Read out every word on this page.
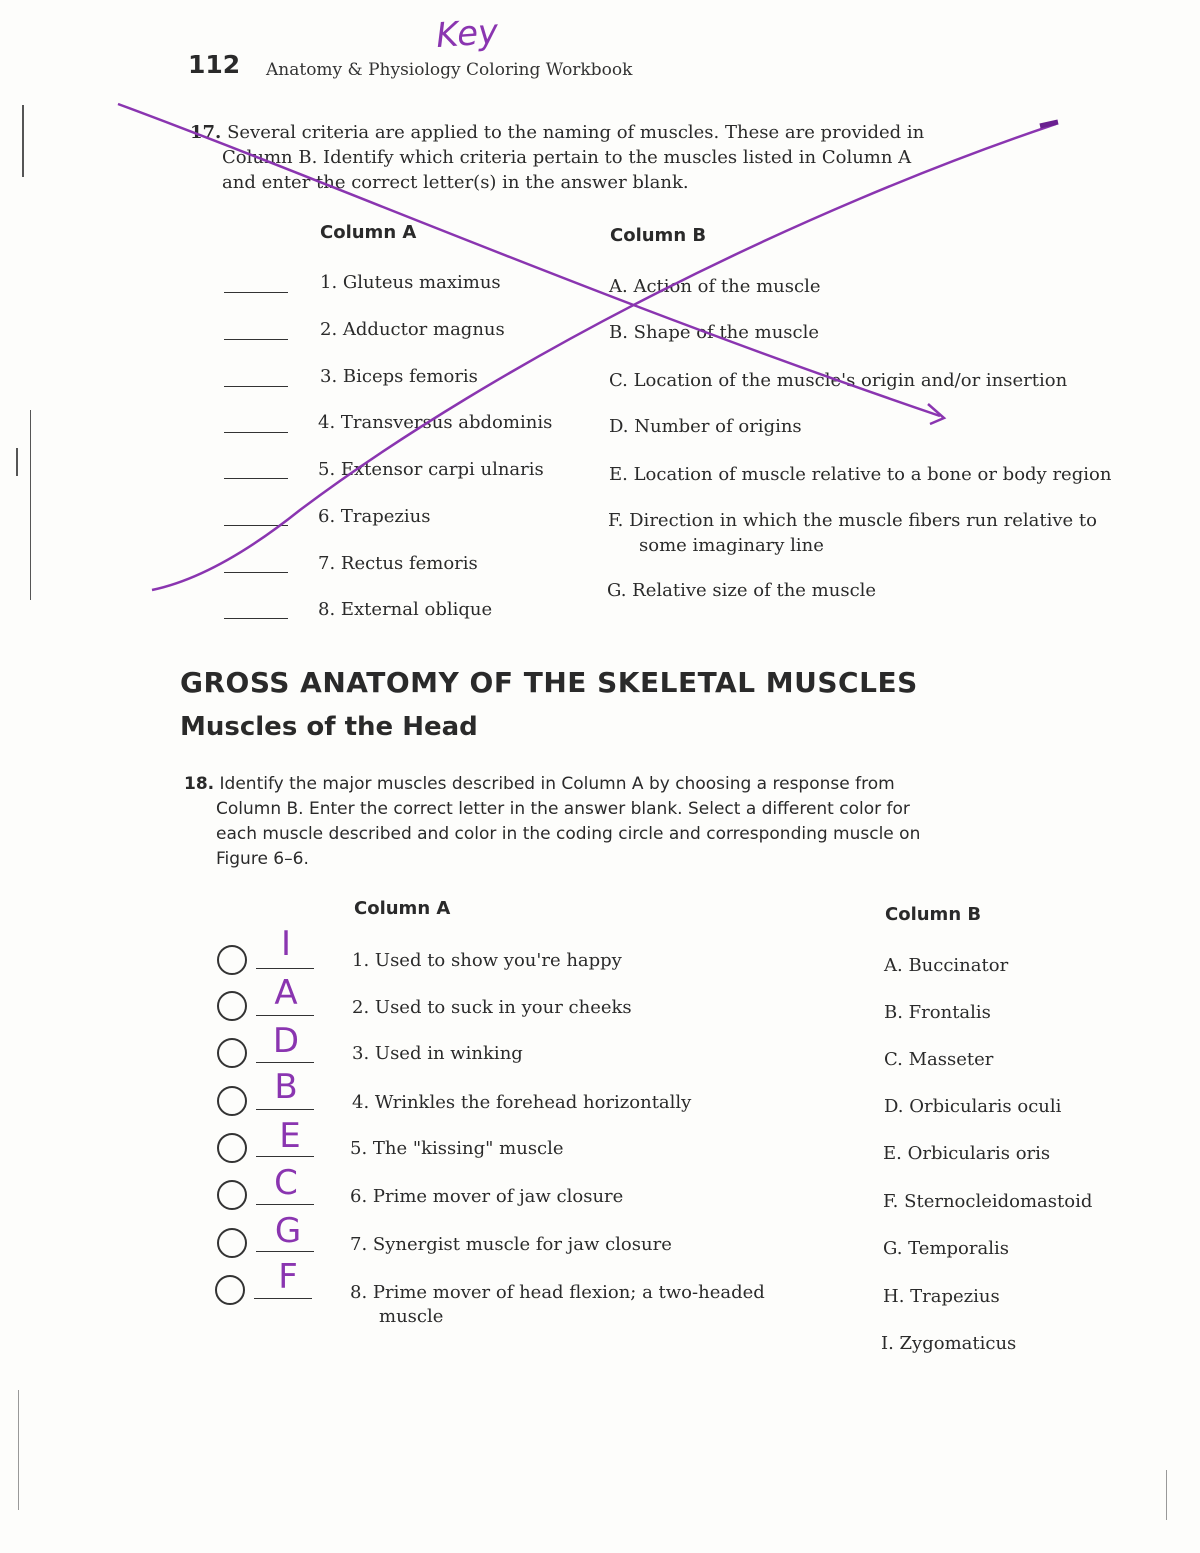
Key
112 Anatomy & Physiology Coloring Workbook
17. Several criteria are applied to the naming of muscles. These are provided in Column B. Identify which criteria pertain to the muscles listed in Column A and enter the correct letter(s) in the answer blank.
Column A	Column B
1. Gluteus maximus
2. Adductor magnus
3. Biceps femoris
4. Transversus abdominis
5. Extensor carpi ulnaris
6. Trapezius
7. Rectus femoris
8. External oblique
A. Action of the muscle
B. Shape of the muscle
C. Location of the muscle's origin and/or insertion
D. Number of origins
E. Location of muscle relative to a bone or body region
F. Direction in which the muscle fibers run relative to
some imaginary line
G. Relative size of the muscle
GROSS ANATOMY OF THE SKELETAL MUSCLES
Muscles of the Head
18. Identify the major muscles described in Column A by choosing a response from Column B. Enter the correct letter in the answer blank. Select a different color for each muscle described and color in the coding circle and corresponding muscle on Figure 6–6.
Column A	Column B
I
A
D
B
E
C
G
F
1. Used to show you're happy
2. Used to suck in your cheeks
3. Used in winking
4. Wrinkles the forehead horizontally
5. The "kissing" muscle
6. Prime mover of jaw closure
7. Synergist muscle for jaw closure
8. Prime mover of head flexion; a two-headed
muscle
A. Buccinator
B. Frontalis
C. Masseter
D. Orbicularis oculi
E. Orbicularis oris
F. Sternocleidomastoid
G. Temporalis
H. Trapezius
I. Zygomaticus
